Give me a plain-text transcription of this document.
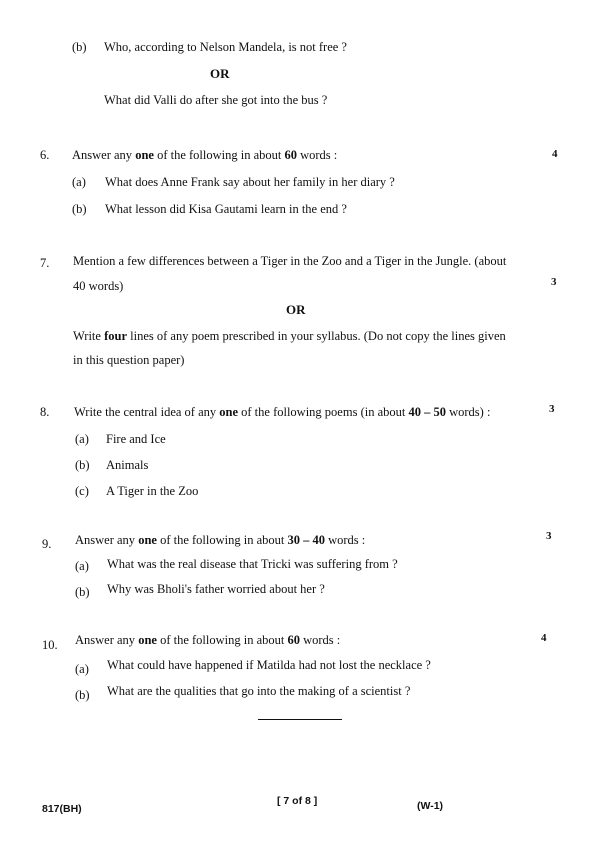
(b) Who, according to Nelson Mandela, is not free ?
OR
What did Valli do after she got into the bus ?
6. Answer any one of the following in about 60 words :	4
(a) What does Anne Frank say about her family in her diary ?
(b) What lesson did Kisa Gautami learn in the end ?
7. Mention a few differences between a Tiger in the Zoo and a Tiger in the Jungle. (about
40 words)	3
OR
Write four lines of any poem prescribed in your syllabus. (Do not copy the lines given
in this question paper)
8. Write the central idea of any one of the following poems (in about 40 – 50 words) :	3
(a) Fire and Ice
(b) Animals
(c) A Tiger in the Zoo
9. Answer any one of the following in about 30 – 40 words :	3
(a) What was the real disease that Tricki was suffering from ?
(b) Why was Bholi's father worried about her ?
10. Answer any one of the following in about 60 words :	4
(a) What could have happened if Matilda had not lost the necklace ?
(b) What are the qualities that go into the making of a scientist ?
817(BH)
[ 7 of 8 ]	(W-1)
